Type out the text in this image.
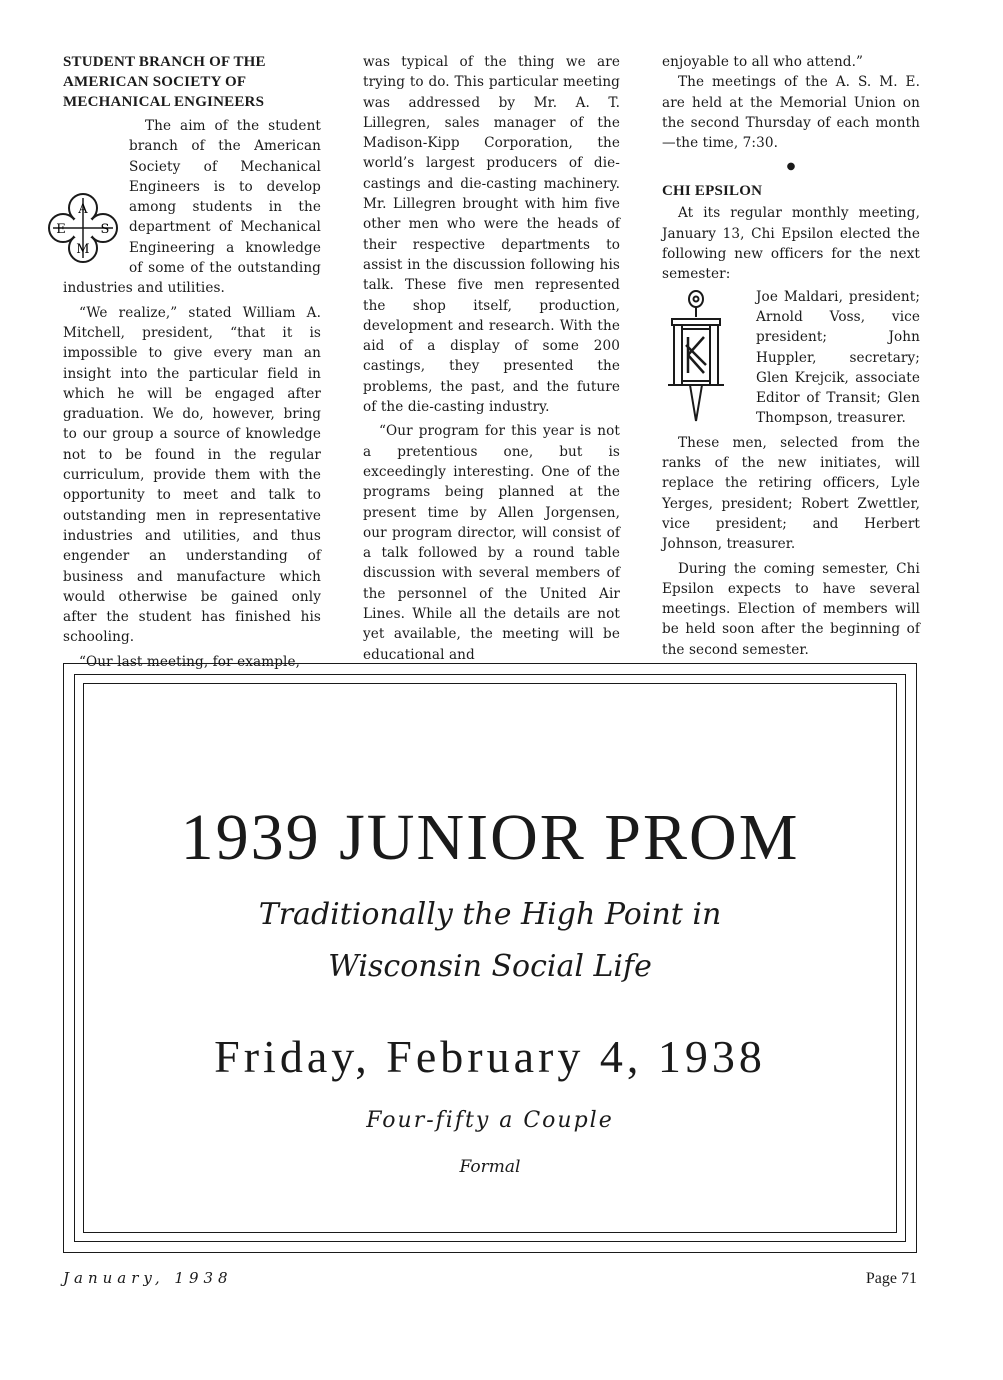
STUDENT BRANCH OF THE AMERICAN SOCIETY OF MECHANICAL ENGINEERS

A
S
M
E
The aim of the student branch of the American Society of Mechanical Engineers is to develop among students in the department of Mechanical Engineering a knowledge of some of the outstanding industries and utilities.

“We realize,” stated William A. Mitchell, president, “that it is impossible to give every man an insight into the particular field in which he will be engaged after graduation. We do, however, bring to our group a source of knowledge not to be found in the regular curriculum, provide them with the opportunity to meet and talk to outstanding men in representative industries and utilities, and thus engender an understanding of business and manufacture which would otherwise be gained only after the student has finished his schooling.

“Our last meeting, for example,

was typical of the thing we are trying to do. This particular meeting was addressed by Mr. A. T. Lillegren, sales manager of the Madison-Kipp Corporation, the world’s largest producers of die-castings and die-casting machinery. Mr. Lillegren brought with him five other men who were the heads of their respective departments to assist in the discussion following his talk. These five men represented the shop itself, production, development and research. With the aid of a display of some 200 castings, they presented the problems, the past, and the future of the die-casting industry.

“Our program for this year is not a pretentious one, but is exceedingly interesting. One of the programs being planned at the present time by Allen Jorgensen, our program director, will consist of a talk followed by a round table discussion with several members of the personnel of the United Air Lines. While all the details are not yet available, the meeting will be educational and

enjoyable to all who attend.”

The meetings of the A. S. M. E. are held at the Memorial Union on the second Thursday of each month —the time, 7:30.

●

CHI EPSILON

At its regular monthly meeting, January 13, Chi Epsilon elected the following new officers for the next semester:

Joe Maldari, president; Arnold Voss, vice president; John Huppler, secretary; Glen Krejcik, associate Editor of Transit; Glen Thompson, treasurer.

These men, selected from the ranks of the new initiates, will replace the retiring officers, Lyle Yerges, president; Robert Zwettler, vice president; and Herbert Johnson, treasurer.

During the coming semester, Chi Epsilon expects to have several meetings. Election of members will be held soon after the beginning of the second semester.

1939 JUNIOR PROM
Traditionally the High Point in
Wisconsin Social Life
Friday, February 4, 1938
Four-fifty a Couple
Formal
January, 1938	Page 71
